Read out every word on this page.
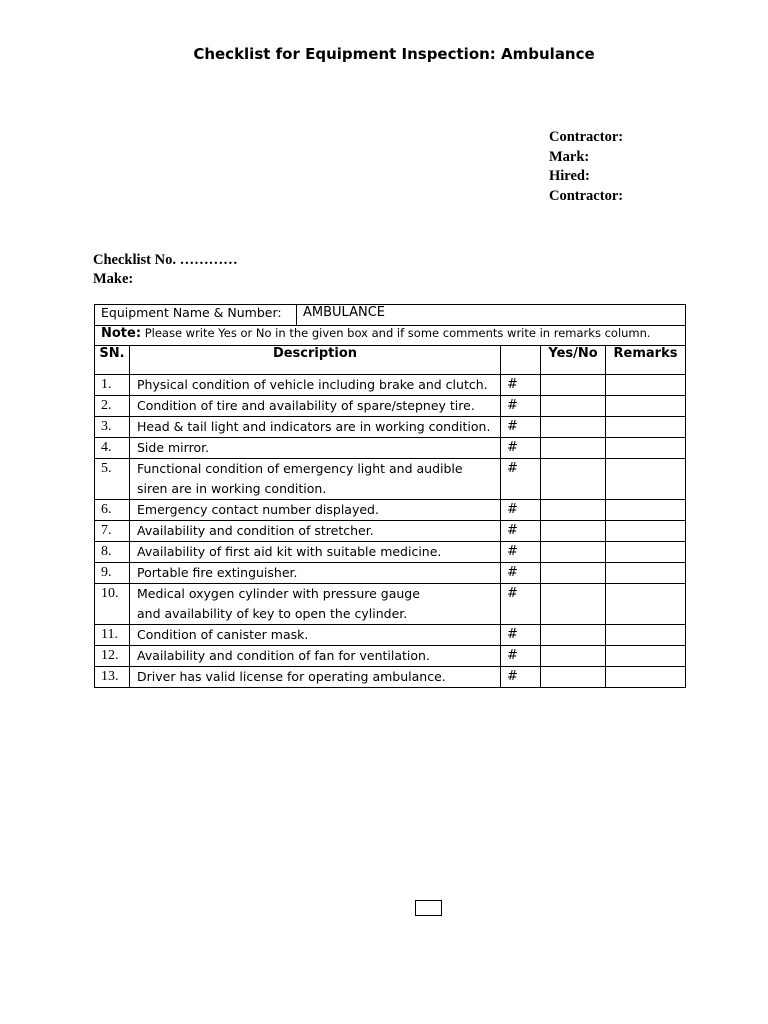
Checklist for Equipment Inspection: Ambulance
Contractor:
Mark:
Hired:
Contractor:
Checklist No. …………
Make:
Equipment Name & Number:		AMBULANCE			
Note: Please write Yes or No in the given box and if some comments write in remarks column.					
SN.	Description			Yes/No	Remarks
1.	Physical condition of vehicle including brake and clutch.		#		
2.	Condition of tire and availability of spare/stepney tire.		#		
3.	Head & tail light and indicators are in working condition.		#		
4.	Side mirror.		#		
5.	Functional condition of emergency light and audible
siren are in working condition.		#		
6.	Emergency contact number displayed.		#		
7.	Availability and condition of stretcher.		#		
8.	Availability of first aid kit with suitable medicine.		#		
9.	Portable fire extinguisher.		#		
10.	Medical oxygen cylinder with pressure gauge
and availability of key to open the cylinder.		#		
11.	Condition of canister mask.		#		
12.	Availability and condition of fan for ventilation.		#		
13.	Driver has valid license for operating ambulance.		#		
